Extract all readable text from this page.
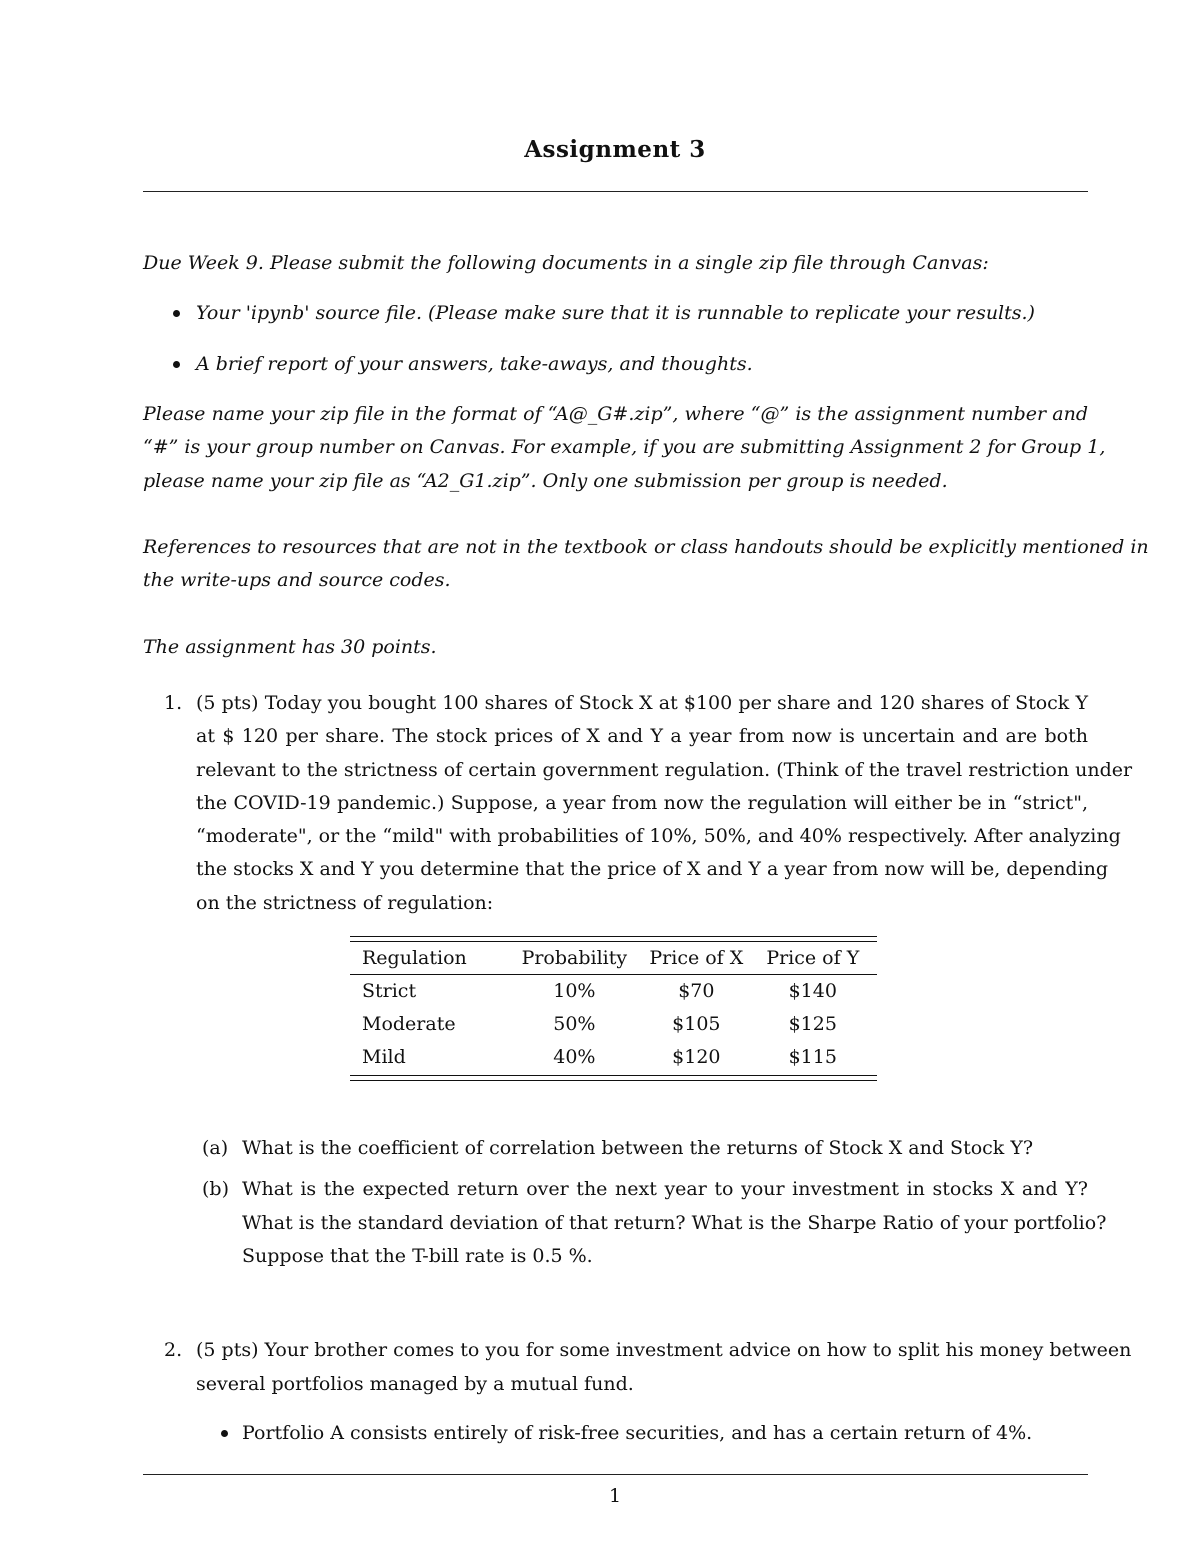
Assignment 3
Due Week 9. Please submit the following documents in a single zip file through Canvas:
Your 'ipynb' source file. (Please make sure that it is runnable to replicate your results.)
A brief report of your answers, take-aways, and thoughts.
Please name your zip file in the format of “A@_G#.zip”, where “@” is the assignment number and
“#” is your group number on Canvas. For example, if you are submitting Assignment 2 for Group 1,
please name your zip file as “A2_G1.zip”. Only one submission per group is needed.
References to resources that are not in the textbook or class handouts should be explicitly mentioned in
the write-ups and source codes.
The assignment has 30 points.
1. (5 pts) Today you bought 100 shares of Stock X at $100 per share and 120 shares of Stock Y
at $ 120 per share. The stock prices of X and Y a year from now is uncertain and are both
relevant to the strictness of certain government regulation. (Think of the travel restriction under
the COVID-19 pandemic.) Suppose, a year from now the regulation will either be in “strict",
“moderate", or the “mild" with probabilities of 10%, 50%, and 40% respectively. After analyzing
the stocks X and Y you determine that the price of X and Y a year from now will be, depending
on the strictness of regulation:
Regulation	Probability	Price of X	Price of Y
Strict	10%	$70	$140
Moderate	50%	$105	$125
Mild	40%	$120	$115
(a) What is the coefficient of correlation between the returns of Stock X and Stock Y?
(b) What is the expected return over the next year to your investment in stocks X and Y?
What is the standard deviation of that return? What is the Sharpe Ratio of your portfolio?
Suppose that the T-bill rate is 0.5 %.
2. (5 pts) Your brother comes to you for some investment advice on how to split his money between
several portfolios managed by a mutual fund.
Portfolio A consists entirely of risk-free securities, and has a certain return of 4%.
1
